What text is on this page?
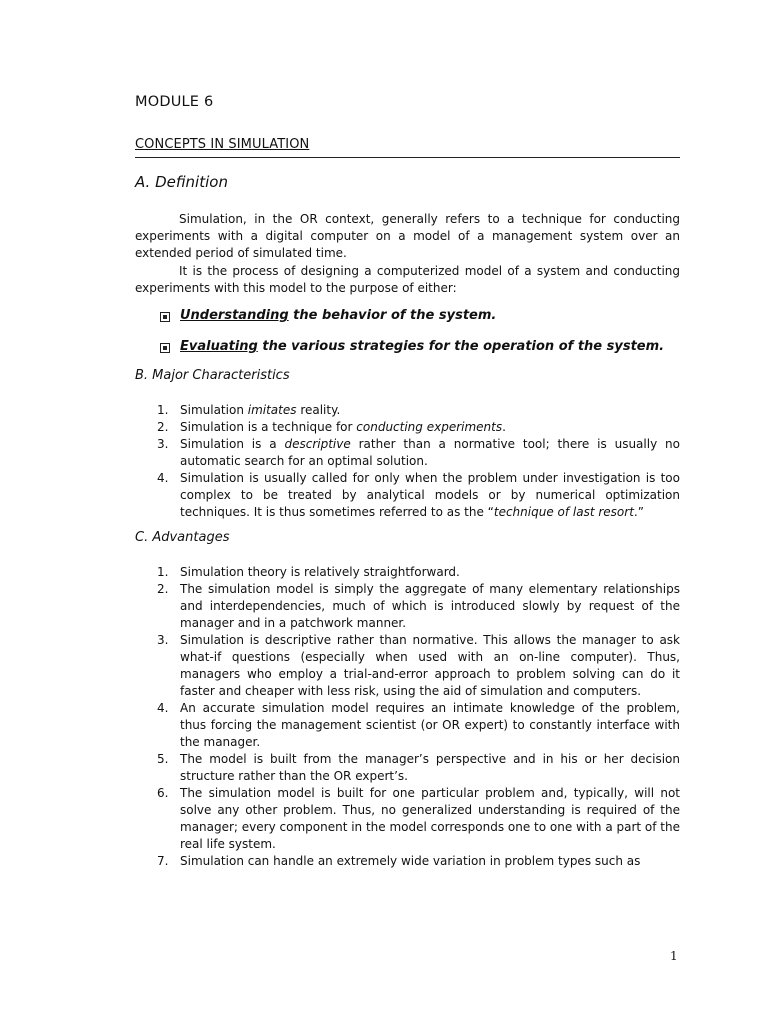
MODULE 6
CONCEPTS IN SIMULATION
A. Definition
Simulation, in the OR context, generally refers to a technique for conducting experiments with a digital computer on a model of a management system over an extended period of simulated time.
It is the process of designing a computerized model of a system and conducting experiments with this model to the purpose of either:
Understanding the behavior of the system.
Evaluating the various strategies for the operation of the system.
B. Major Characteristics
1. Simulation imitates reality.
2. Simulation is a technique for conducting experiments.
3. Simulation is a descriptive rather than a normative tool; there is usually no automatic search for an optimal solution.
4. Simulation is usually called for only when the problem under investigation is too complex to be treated by analytical models or by numerical optimization techniques. It is thus sometimes referred to as the “technique of last resort.”
C. Advantages
1. Simulation theory is relatively straightforward.
2. The simulation model is simply the aggregate of many elementary relationships and interdependencies, much of which is introduced slowly by request of the manager and in a patchwork manner.
3. Simulation is descriptive rather than normative. This allows the manager to ask what-if questions (especially when used with an on-line computer). Thus, managers who employ a trial-and-error approach to problem solving can do it faster and cheaper with less risk, using the aid of simulation and computers.
4. An accurate simulation model requires an intimate knowledge of the problem, thus forcing the management scientist (or OR expert) to constantly interface with the manager.
5. The model is built from the manager’s perspective and in his or her decision structure rather than the OR expert’s.
6. The simulation model is built for one particular problem and, typically, will not solve any other problem. Thus, no generalized understanding is required of the manager; every component in the model corresponds one to one with a part of the real life system.
7. Simulation can handle an extremely wide variation in problem types such as
1
